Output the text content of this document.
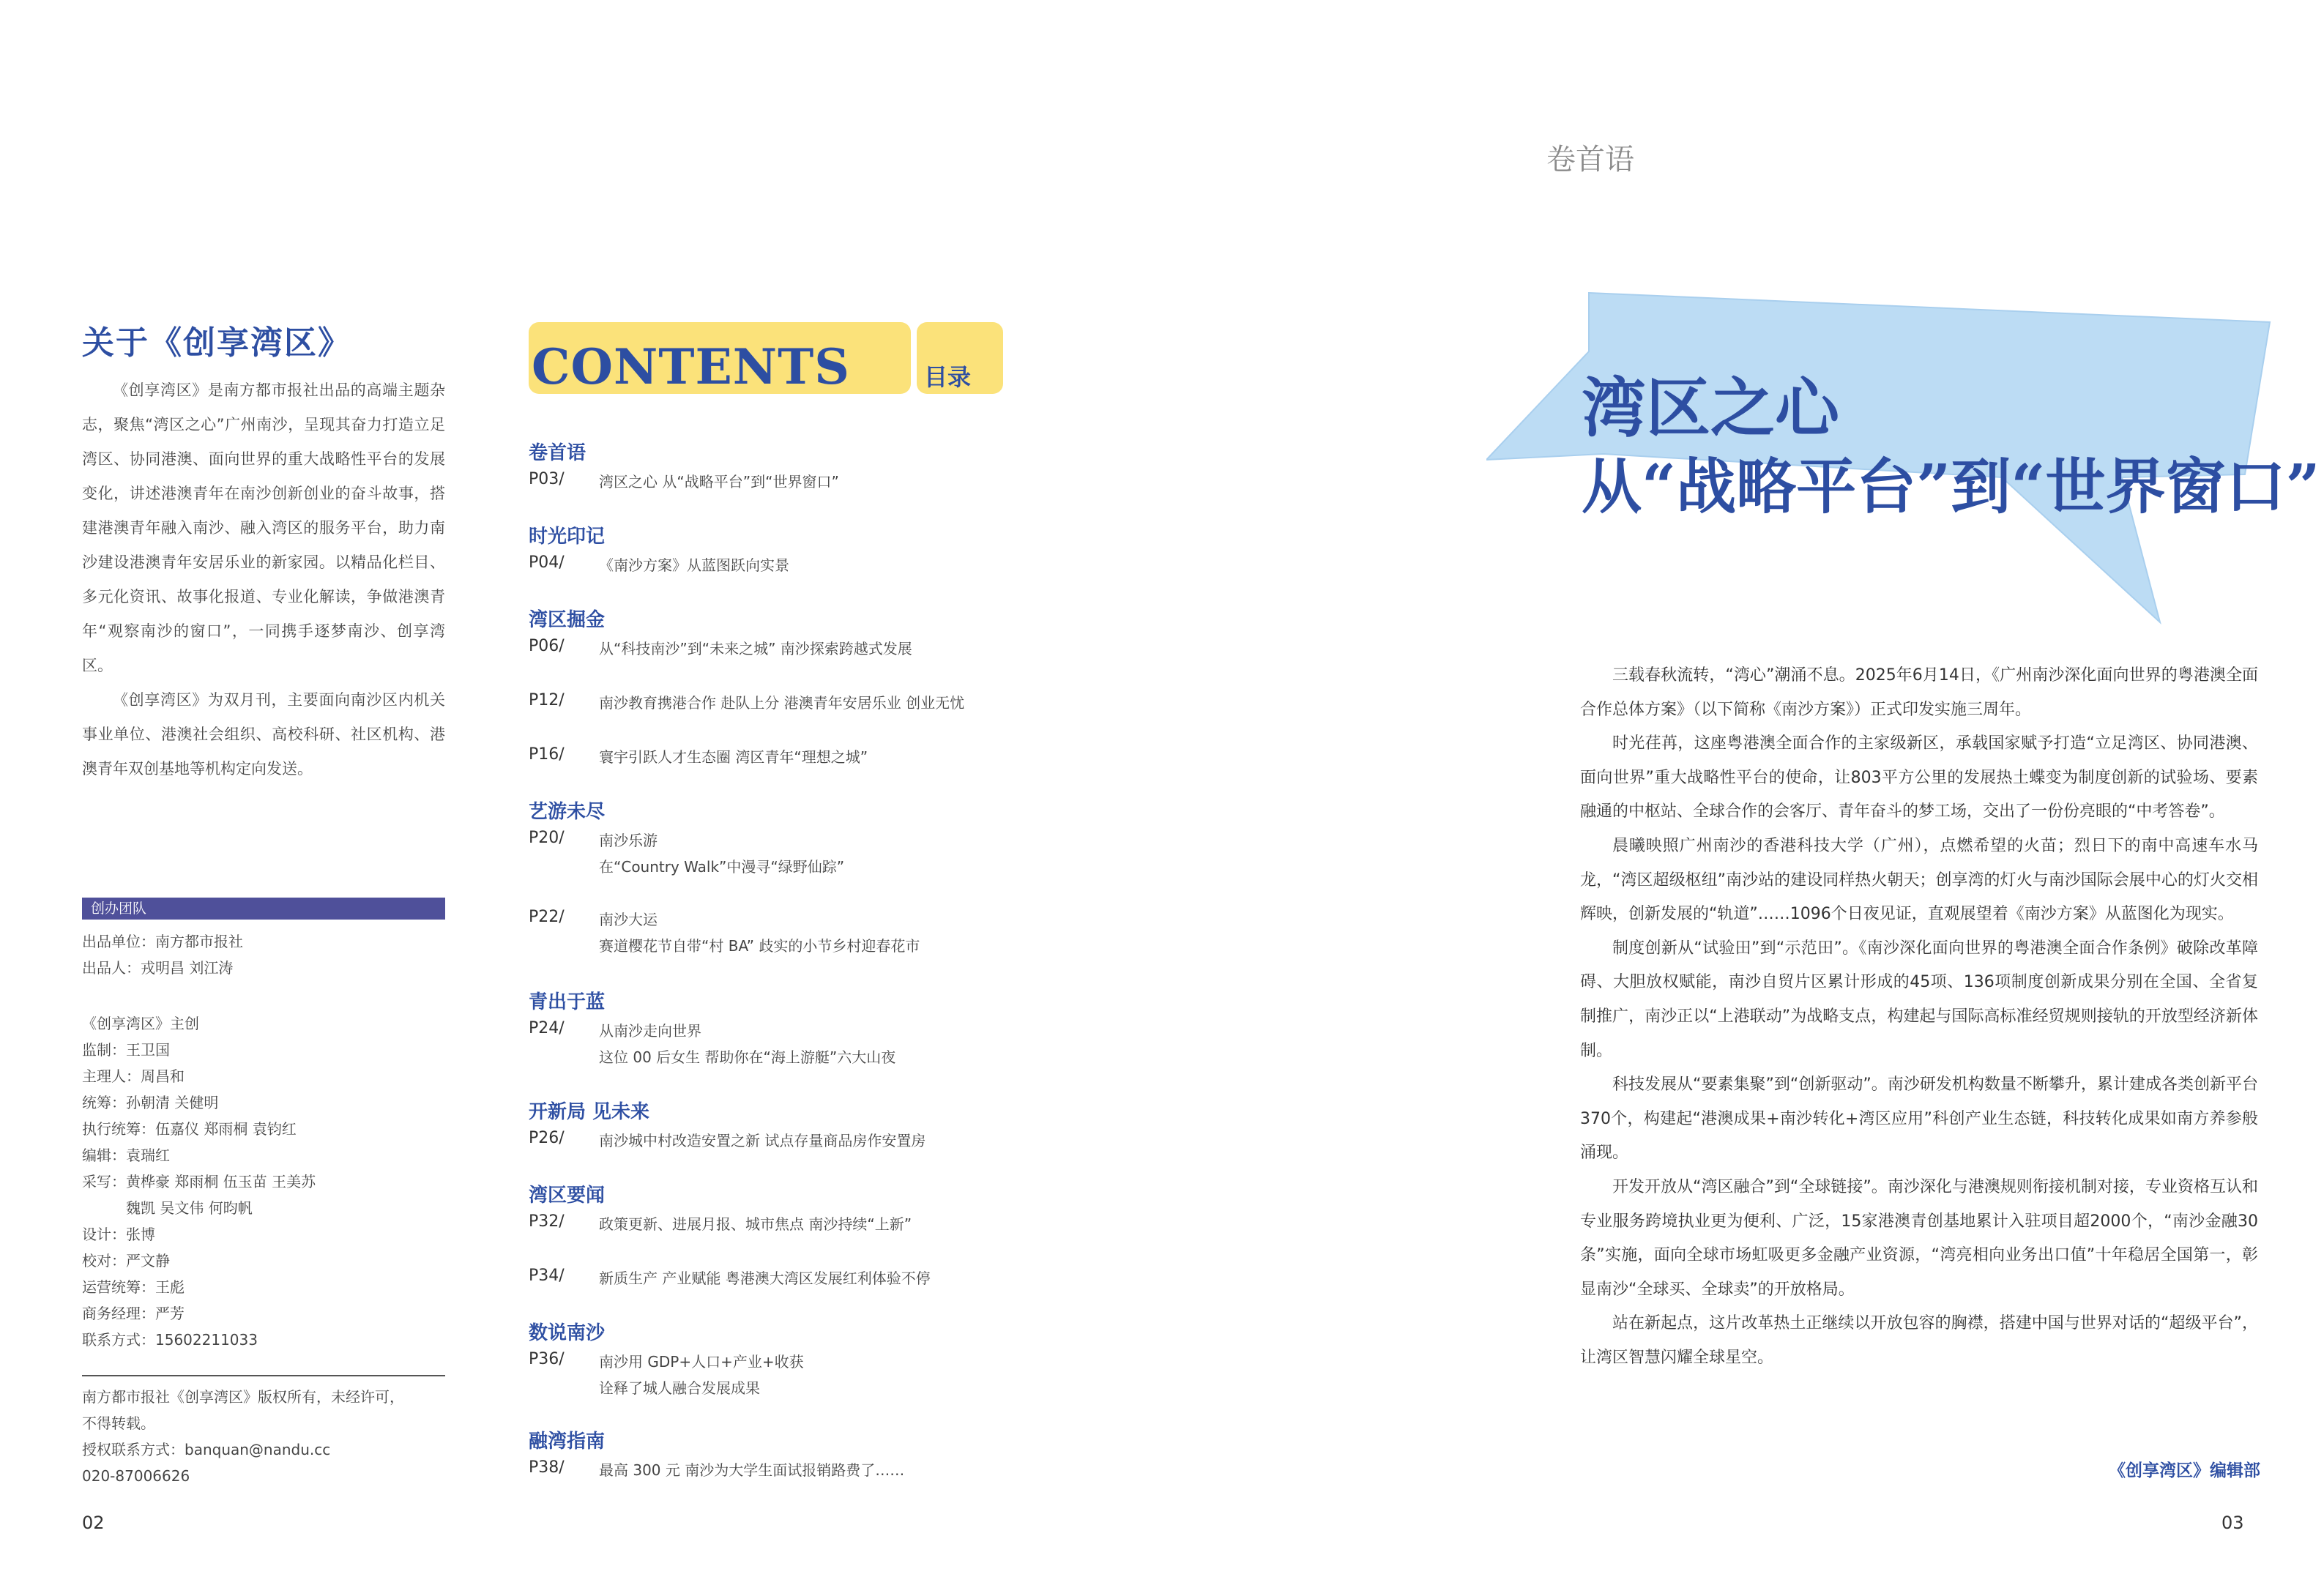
关于《创享湾区》

《创享湾区》是南方都市报社出品的高端主题杂志，聚焦“湾区之心”广州南沙，呈现其奋力打造立足湾区、协同港澳、面向世界的重大战略性平台的发展变化，讲述港澳青年在南沙创新创业的奋斗故事，搭建港澳青年融入南沙、融入湾区的服务平台，助力南沙建设港澳青年安居乐业的新家园。以精品化栏目、多元化资讯、故事化报道、专业化解读，争做港澳青年“观察南沙的窗口”，一同携手逐梦南沙、创享湾区。

《创享湾区》为双月刊，主要面向南沙区内机关事业单位、港澳社会组织、高校科研、社区机构、港澳青年双创基地等机构定向发送。

创办团队
出品单位：南方都市报社
出品人：戎明昌 刘江涛
《创享湾区》主创
监制：王卫国
主理人：周昌和
统筹：孙朝清 关健明
执行统筹：伍嘉仪 郑雨桐 袁钧红
编辑：袁瑞红
采写：黄桦豪 郑雨桐 伍玉苗 王美苏
魏凯 吴文伟 何昀帆
设计：张博
校对：严文静
运营统筹：王彪
商务经理：严芳
联系方式：15602211033
南方都市报社《创享湾区》版权所有，未经许可，
不得转载。
授权联系方式：banquan@nandu.cc
020-87006626
CONTENTS	目录
卷首语
P03/ 湾区之心 从“战略平台”到“世界窗口”
时光印记
P04/ 《南沙方案》从蓝图跃向实景
湾区掘金
P06/ 从“科技南沙”到“未来之城” 南沙探索跨越式发展
P12/ 南沙教育携港合作 赴队上分 港澳青年安居乐业 创业无忧
P16/ 寰宇引跃人才生态圈 湾区青年“理想之城”
艺游未尽
P20/ 南沙乐游
在“Country Walk”中漫寻“绿野仙踪”
P22/ 南沙大运
赛道樱花节自带“村 BA” 歧实的小节乡村迎春花市
青出于蓝
P24/ 从南沙走向世界
这位 00 后女生 帮助你在“海上游艇”六大山夜
开新局 见未来
P26/ 南沙城中村改造安置之新 试点存量商品房作安置房
湾区要闻
P32/ 政策更新、进展月报、城市焦点 南沙持续“上新”
P34/ 新质生产 产业赋能 粤港澳大湾区发展红利体验不停
数说南沙
P36/ 南沙用 GDP+人口+产业+收获
诠释了城人融合发展成果
融湾指南
P38/ 最高 300 元 南沙为大学生面试报销路费了……
02
卷首语
湾区之心
从“战略平台”到“世界窗口”

三载春秋流转，“湾心”潮涌不息。2025年6月14日，《广州南沙深化面向世界的粤港澳全面合作总体方案》（以下简称《南沙方案》）正式印发实施三周年。

时光荏苒，这座粤港澳全面合作的主家级新区，承载国家赋予打造“立足湾区、协同港澳、面向世界”重大战略性平台的使命，让803平方公里的发展热土蝶变为制度创新的试验场、要素融通的中枢站、全球合作的会客厅、青年奋斗的梦工场，交出了一份份亮眼的“中考答卷”。

晨曦映照广州南沙的香港科技大学（广州），点燃希望的火苗；烈日下的南中高速车水马龙，“湾区超级枢纽”南沙站的建设同样热火朝天；创享湾的灯火与南沙国际会展中心的灯火交相辉映，创新发展的“轨道”……1096个日夜见证，直观展望着《南沙方案》从蓝图化为现实。

制度创新从“试验田”到“示范田”。《南沙深化面向世界的粤港澳全面合作条例》破除改革障碍、大胆放权赋能，南沙自贸片区累计形成的45项、136项制度创新成果分别在全国、全省复制推广，南沙正以“上港联动”为战略支点，构建起与国际高标准经贸规则接轨的开放型经济新体制。

科技发展从“要素集聚”到“创新驱动”。南沙研发机构数量不断攀升，累计建成各类创新平台370个，构建起“港澳成果+南沙转化+湾区应用”科创产业生态链，科技转化成果如南方养参般涌现。

开发开放从“湾区融合”到“全球链接”。南沙深化与港澳规则衔接机制对接，专业资格互认和专业服务跨境执业更为便利、广泛，15家港澳青创基地累计入驻项目超2000个，“南沙金融30条”实施，面向全球市场虹吸更多金融产业资源，“湾亮相向业务出口值”十年稳居全国第一，彰显南沙“全球买、全球卖”的开放格局。

站在新起点，这片改革热土正继续以开放包容的胸襟，搭建中国与世界对话的“超级平台”，让湾区智慧闪耀全球星空。

《创享湾区》编辑部
03
